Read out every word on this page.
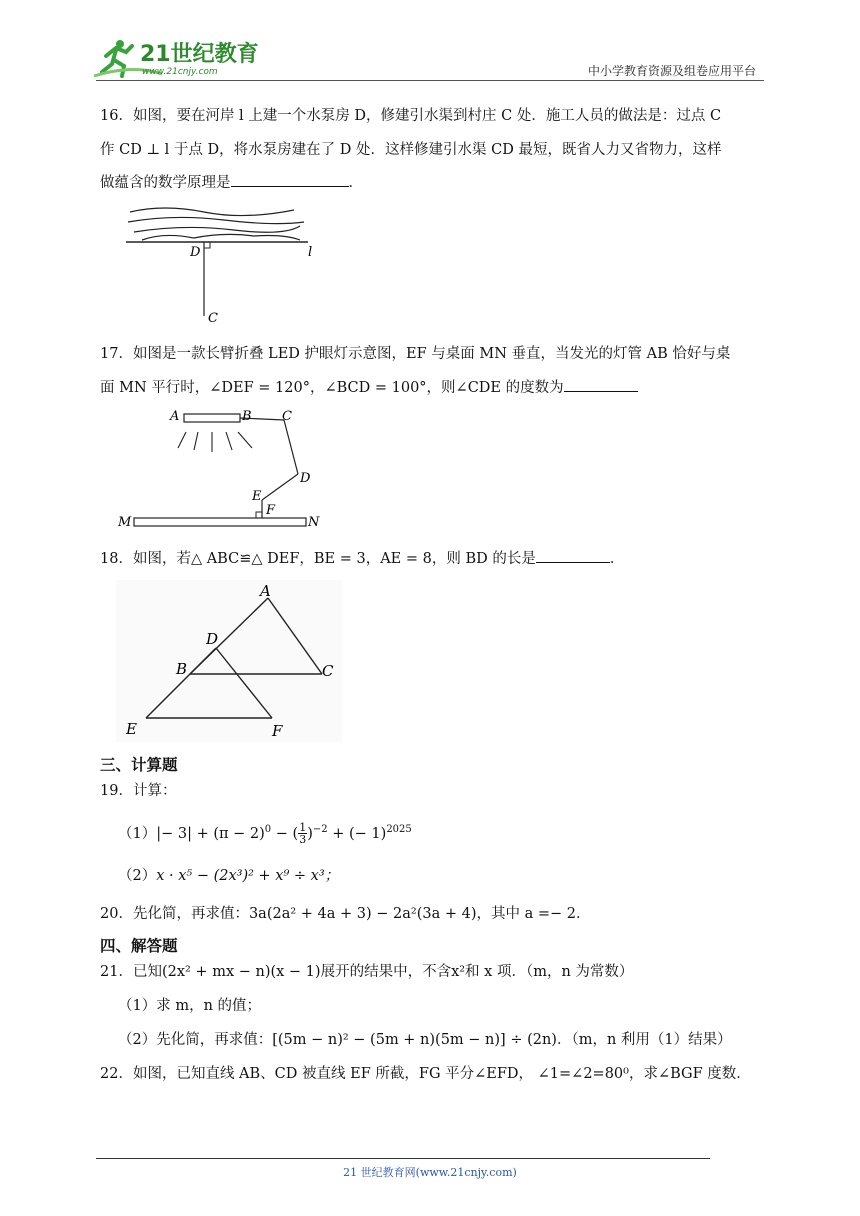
21世纪教育
www.21cnjy.com	中小学教育资源及组卷应用平台
16．如图，要在河岸 l 上建一个水泵房 D，修建引水渠到村庄 C 处．施工人员的做法是：过点 C
作 CD ⊥ l 于点 D，将水泵房建在了 D 处．这样修建引水渠 CD 最短，既省人力又省物力，这样
做蕴含的数学原理是	．
D	l
C
17．如图是一款长臂折叠 LED 护眼灯示意图，EF 与桌面 MN 垂直，当发光的灯管 AB 恰好与桌
面 MN 平行时，∠DEF = 120°，∠BCD = 100°，则∠CDE 的度数为
A	B C
D
E
F
M	N
18．如图，若△ ABC≌△ DEF，BE = 3，AE = 8，则 BD 的长是	．
A
D
B	C
E	F
三、计算题
19．计算：
$(1)|- 3| + (\pi - 2)^0$ − ( $\frac{1}{3} )^{-2}$ + (− 1)$^{2025}$
（2）x · x⁵ − (2x³)² + x⁹ ÷ x³；
20．先化简，再求值：3a(2a² + 4a + 3) − 2a²(3a + 4)，其中 a =− 2．
四、解答题
21．已知(2x² + mx − n)(x − 1)展开的结果中，不含x²和 x 项．（m，n 为常数）
（1）求 m，n 的值；
（2）先化简，再求值：[(5m − n)² − (5m + n)(5m − n)] ÷ (2n)．（m，n 利用（1）结果）
22．如图，已知直线 AB、CD 被直线 EF 所截，FG 平分∠EFD， ∠1=∠2=80⁰，求∠BGF 度数．
21 世纪教育网(www.21cnjy.com)
